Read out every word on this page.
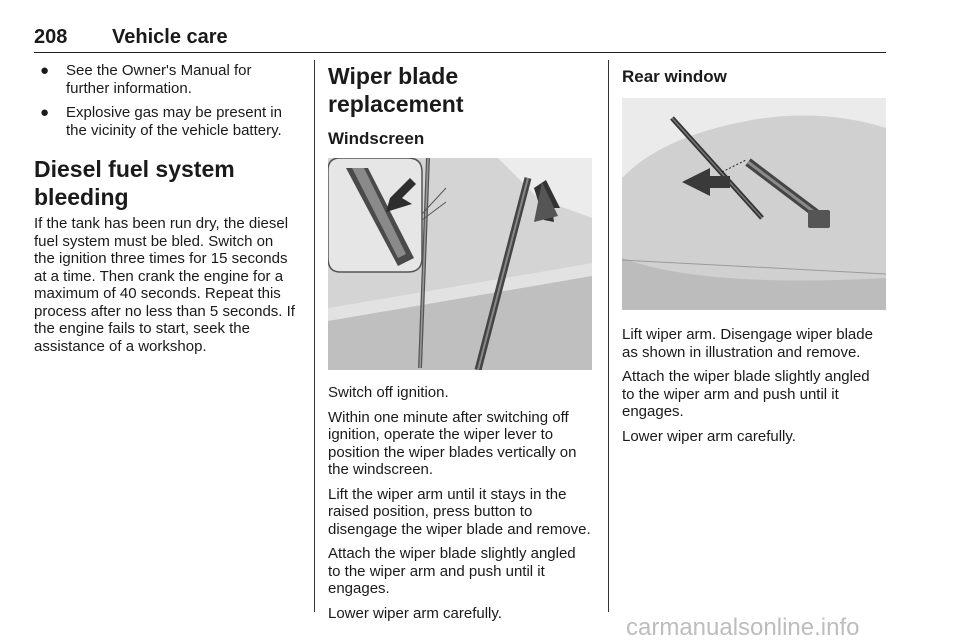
208 Vehicle care
● See the Owner's Manual for further information.
● Explosive gas may be present in the vicinity of the vehicle battery.
Diesel fuel system bleeding

If the tank has been run dry, the diesel fuel system must be bled. Switch on the ignition three times for 15 seconds at a time. Then crank the engine for a maximum of 40 seconds. Repeat this process after no less than 5 seconds. If the engine fails to start, seek the assistance of a workshop.

Wiper blade replacement
Windscreen

Switch off ignition.

Within one minute after switching off ignition, operate the wiper lever to position the wiper blades vertically on the windscreen.

Lift the wiper arm until it stays in the raised position, press button to disengage the wiper blade and remove.

Attach the wiper blade slightly angled to the wiper arm and push until it engages.

Lower wiper arm carefully.

Rear window

Lift wiper arm. Disengage wiper blade as shown in illustration and remove.

Attach the wiper blade slightly angled to the wiper arm and push until it engages.

Lower wiper arm carefully.

carmanualsonline.info
